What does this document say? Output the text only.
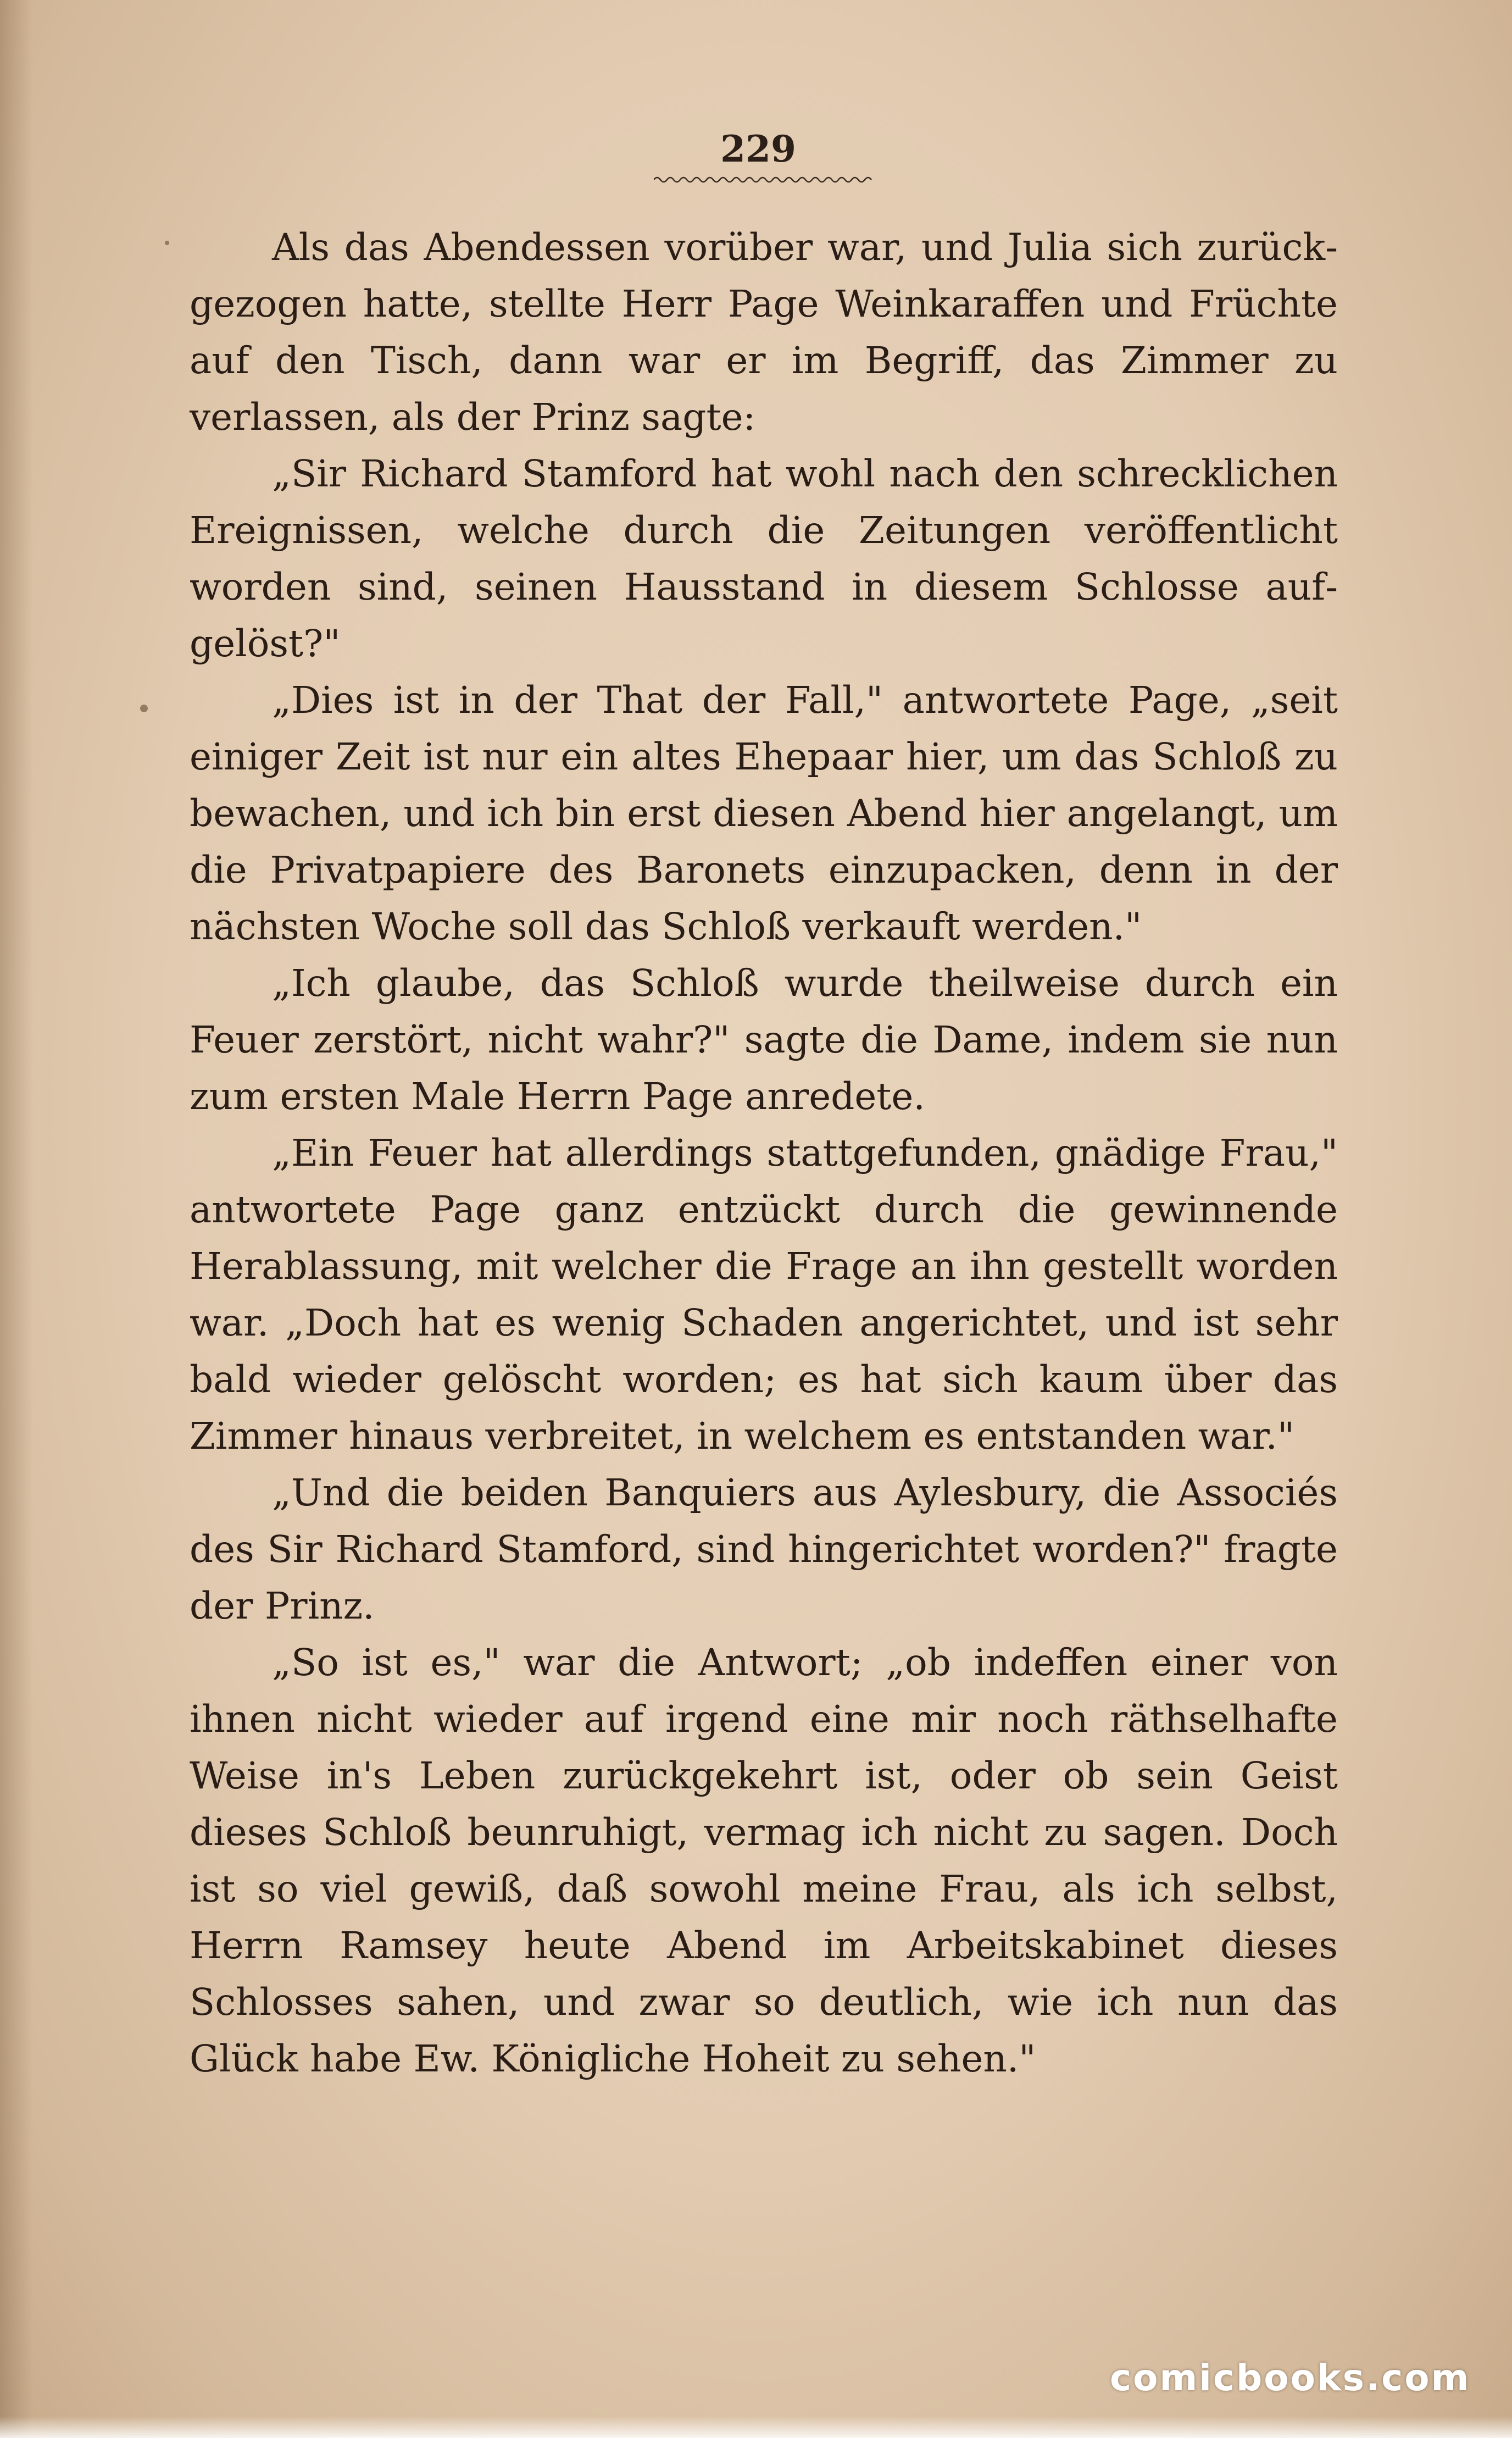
229

Als das Abendessen vorüber war, und Julia sich zurückgezogen hatte, stellte Herr Page Weinkaraffen und Früchte auf den Tisch, dann war er im Begriff, das Zimmer zu verlassen, als der Prinz sagte:

„Sir Richard Stamford hat wohl nach den schrecklichen Ereignissen, welche durch die Zeitungen veröffentlicht worden sind, seinen Hausstand in diesem Schlosse aufgelöst?"

„Dies ist in der That der Fall," antwortete Page, „seit einiger Zeit ist nur ein altes Ehepaar hier, um das Schloß zu bewachen, und ich bin erst diesen Abend hier angelangt, um die Privatpapiere des Baronets einzupacken, denn in der nächsten Woche soll das Schloß verkauft werden."

„Ich glaube, das Schloß wurde theilweise durch ein Feuer zerstört, nicht wahr?" sagte die Dame, indem sie nun zum ersten Male Herrn Page anredete.

„Ein Feuer hat allerdings stattgefunden, gnädige Frau," antwortete Page ganz entzückt durch die gewinnende Herablassung, mit welcher die Frage an ihn gestellt worden war. „Doch hat es wenig Schaden angerichtet, und ist sehr bald wieder gelöscht worden; es hat sich kaum über das Zimmer hinaus verbreitet, in welchem es entstanden war."

„Und die beiden Banquiers aus Aylesbury, die Associés des Sir Richard Stamford, sind hingerichtet worden?" fragte der Prinz.

„So ist es," war die Antwort; „ob indeffen einer von ihnen nicht wieder auf irgend eine mir noch räthselhafte Weise in's Leben zurückgekehrt ist, oder ob sein Geist dieses Schloß beunruhigt, vermag ich nicht zu sagen. Doch ist so viel gewiß, daß sowohl meine Frau, als ich selbst, Herrn Ramsey heute Abend im Arbeitskabinet dieses Schlosses sahen, und zwar so deutlich, wie ich nun das Glück habe Ew. Königliche Hoheit zu sehen."

comicbooks.com
